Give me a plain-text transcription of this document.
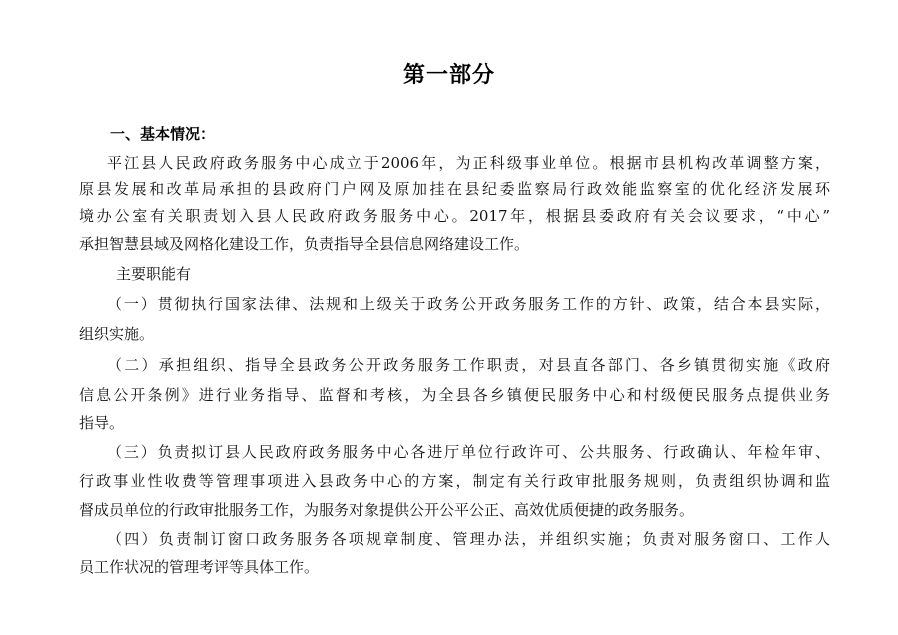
第一部分
一、基本情况：
平江县人民政府政务服务中心成立于2006年，为正科级事业单位。根据市县机构改革调整方案，
原县发展和改革局承担的县政府门户网及原加挂在县纪委监察局行政效能监察室的优化经济发展环
境办公室有关职责划入县人民政府政务服务中心。2017年，根据县委政府有关会议要求，“中心”
承担智慧县域及网格化建设工作，负责指导全县信息网络建设工作。
主要职能有
（一）贯彻执行国家法律、法规和上级关于政务公开政务服务工作的方针、政策，结合本县实际，
组织实施。
（二）承担组织、指导全县政务公开政务服务工作职责，对县直各部门、各乡镇贯彻实施《政府
信息公开条例》进行业务指导、监督和考核，为全县各乡镇便民服务中心和村级便民服务点提供业务
指导。
（三）负责拟订县人民政府政务服务中心各进厅单位行政许可、公共服务、行政确认、年检年审、
行政事业性收费等管理事项进入县政务中心的方案，制定有关行政审批服务规则，负责组织协调和监
督成员单位的行政审批服务工作，为服务对象提供公开公平公正、高效优质便捷的政务服务。
（四）负责制订窗口政务服务各项规章制度、管理办法，并组织实施；负责对服务窗口、工作人
员工作状况的管理考评等具体工作。
